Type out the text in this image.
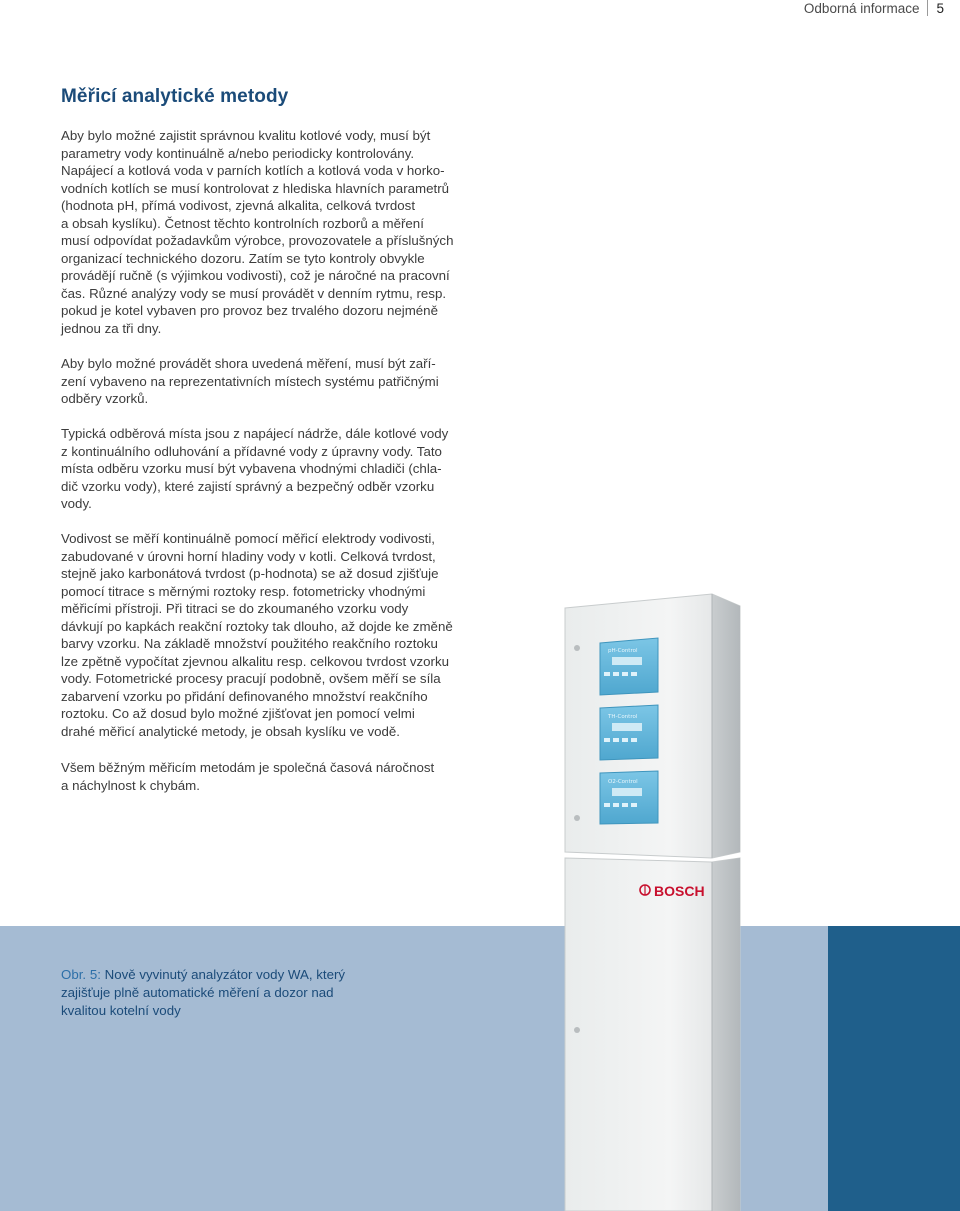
Odborná informace 5
Měřicí analytické metody

Aby bylo možné zajistit správnou kvalitu kotlové vody, musí být
parametry vody kontinuálně a/nebo periodicky kontrolovány.
Napájecí a kotlová voda v parních kotlích a kotlová voda v horko-
vodních kotlích se musí kontrolovat z hlediska hlavních parametrů
(hodnota pH, přímá vodivost, zjevná alkalita, celková tvrdost
a obsah kyslíku). Četnost těchto kontrolních rozborů a měření
musí odpovídat požadavkům výrobce, provozovatele a příslušných
organizací technického dozoru. Zatím se tyto kontroly obvykle
provádějí ručně (s výjimkou vodivosti), což je náročné na pracovní
čas. Různé analýzy vody se musí provádět v denním rytmu, resp.
pokud je kotel vybaven pro provoz bez trvalého dozoru nejméně
jednou za tři dny.

Aby bylo možné provádět shora uvedená měření, musí být zaří-
zení vybaveno na reprezentativních místech systému patřičnými
odběry vzorků.

Typická odběrová místa jsou z napájecí nádrže, dále kotlové vody
z kontinuálního odluhování a přídavné vody z úpravny vody. Tato
místa odběru vzorku musí být vybavena vhodnými chladiči (chla-
dič vzorku vody), které zajistí správný a bezpečný odběr vzorku
vody.

Vodivost se měří kontinuálně pomocí měřicí elektrody vodivosti,
zabudované v úrovni horní hladiny vody v kotli. Celková tvrdost,
stejně jako karbonátová tvrdost (p-hodnota) se až dosud zjišťuje
pomocí titrace s měrnými roztoky resp. fotometricky vhodnými
měřicími přístroji. Při titraci se do zkoumaného vzorku vody
dávkují po kapkách reakční roztoky tak dlouho, až dojde ke změně
barvy vzorku. Na základě množství použitého reakčního roztoku
lze zpětně vypočítat zjevnou alkalitu resp. celkovou tvrdost vzorku
vody. Fotometrické procesy pracují podobně, ovšem měří se síla
zabarvení vzorku po přidání definovaného množství reakčního
roztoku. Co až dosud bylo možné zjišťovat jen pomocí velmi
drahé měřicí analytické metody, je obsah kyslíku ve vodě.

Všem běžným měřicím metodám je společná časová náročnost
a náchylnost k chybám.

Obr. 5: Nově vyvinutý analyzátor vody WA, který
zajišťuje plně automatické měření a dozor nad
kvalitou kotelní vody
pH-Control
TH-Control
O2-Control
BOSCH
